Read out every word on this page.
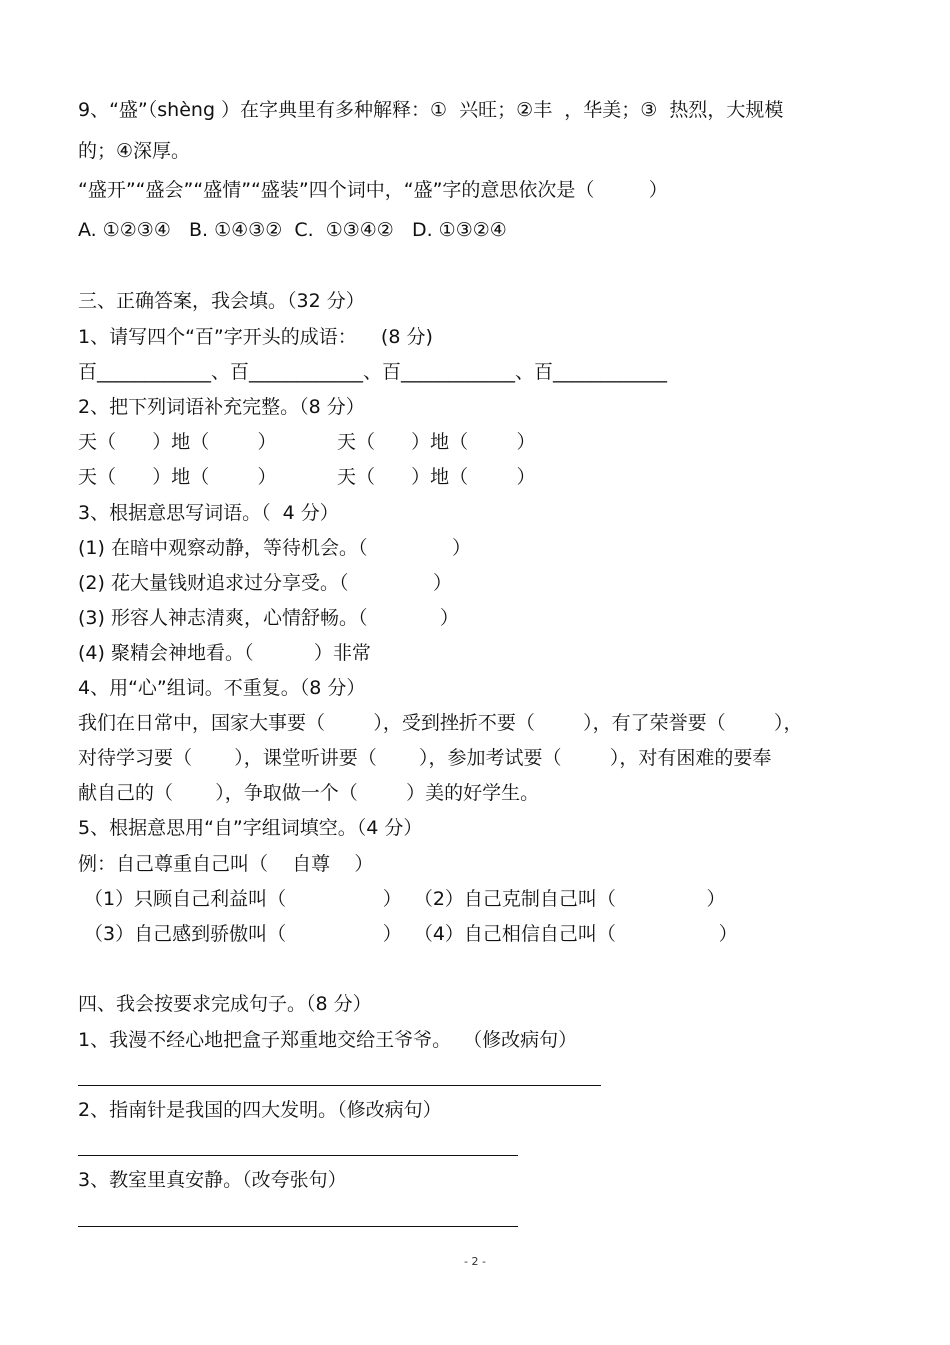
9、“盛”（shèng ）在字典里有多种解释：①  兴旺；②丰  ，华美；③  热烈，大规模

的；④深厚。

“盛开”“盛会”“盛情”“盛装”四个词中，“盛”字的意思依次是（         ）

A. ①②③④   B. ①④③②  C.  ①③④②   D. ①③②④

三、正确答案，我会填。（32 分）

1、请写四个“百”字开头的成语：    (8 分)

百____________、百____________、百____________、百____________

2、把下列词语补充完整。（8 分）

天（      ）地（        ）          天（      ）地（        ）

天（      ）地（        ）          天（      ）地（        ）

3、根据意思写词语。（  4 分）

(1) 在暗中观察动静，等待机会。（              ）

(2) 花大量钱财追求过分享受。（              ）

(3) 形容人神志清爽，心情舒畅。（            ）

(4) 聚精会神地看。（          ）非常

4、用“心”组词。不重复。（8 分）

我们在日常中，国家大事要（        ），受到挫折不要（        ），有了荣誉要（        ），

对待学习要（       ），课堂听讲要（       ），参加考试要（        ），对有困难的要奉

献自己的（       ），争取做一个（        ）美的好学生。

5、根据意思用“自”字组词填空。（4 分）

例：自己尊重自己叫（    自尊    ）

（1）只顾自己利益叫（                ）  （2）自己克制自己叫（               ）

（3）自己感到骄傲叫（                ）  （4）自己相信自己叫（                 ）

四、我会按要求完成句子。（8 分）

1、我漫不经心地把盒子郑重地交给王爷爷。  （修改病句）

2、指南针是我国的四大发明。（修改病句）

3、教室里真安静。（改夸张句）

- 2 -
